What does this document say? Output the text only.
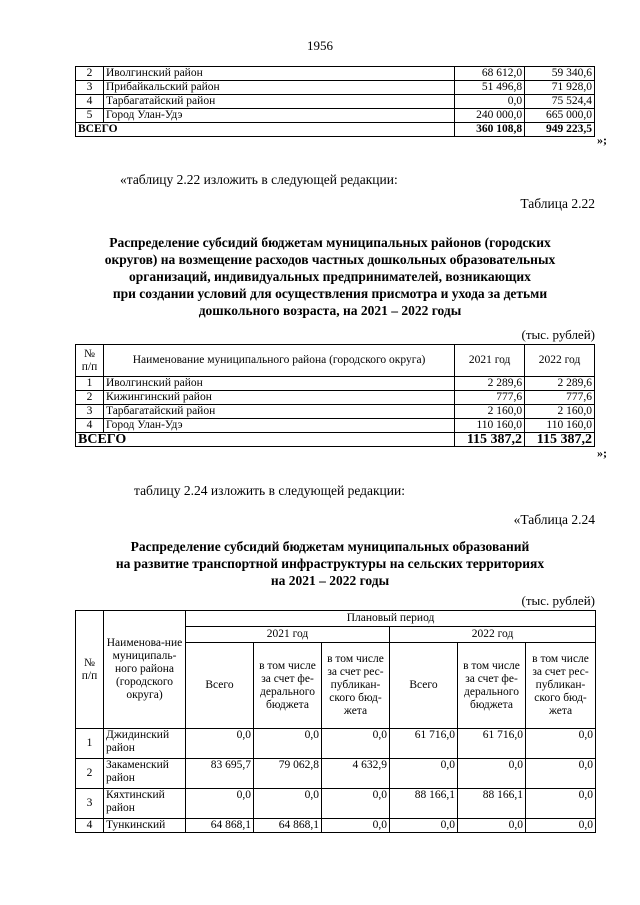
1956
2	Иволгинский район	68 612,0	59 340,6
3	Прибайкальский район	51 496,8	71 928,0
4	Тарбагатайский район	0,0	75 524,4
5	Город Улан-Удэ	240 000,0	665 000,0
ВСЕГО		360 108,8	949 223,5
»;
«таблицу 2.22 изложить в следующей редакции:
Таблица 2.22
Распределение субсидий бюджетам муниципальных районов (городских
округов) на возмещение расходов частных дошкольных образовательных
организаций, индивидуальных предпринимателей, возникающих
при создании условий для осуществления присмотра и ухода за детьми
дошкольного возраста, на 2021 – 2022 годы
(тыс. рублей)
№ п/п	Наименование муниципального района (городского округа)	2021 год	2022 год
1	Иволгинский район	2 289,6	2 289,6
2	Кижингинский район	777,6	777,6
3	Тарбагатайский район	2 160,0	2 160,0
4	Город Улан-Удэ	110 160,0	110 160,0
ВСЕГО		115 387,2	115 387,2
»;
таблицу 2.24 изложить в следующей редакции:
«Таблица 2.24
Распределение субсидий бюджетам муниципальных образований
на развитие транспортной инфраструктуры на сельских территориях
на 2021 – 2022 годы
(тыс. рублей)
№ п/п	Наименова-ние муниципаль-ного района (городского округа)	Плановый период					
		2021 год			2022 год		
		Всего	в том числе за счет фе-дерального бюджета	в том числе за счет рес-публикан-ского бюд-жета	Всего	в том числе за счет фе-дерального бюджета	в том числе за счет рес-публикан-ского бюд-жета
1	Джидинский район	0,0	0,0	0,0	61 716,0	61 716,0	0,0
2	Закаменский район	83 695,7	79 062,8	4 632,9	0,0	0,0	0,0
3	Кяхтинский район	0,0	0,0	0,0	88 166,1	88 166,1	0,0
4	Тункинский	64 868,1	64 868,1	0,0	0,0	0,0	0,0
